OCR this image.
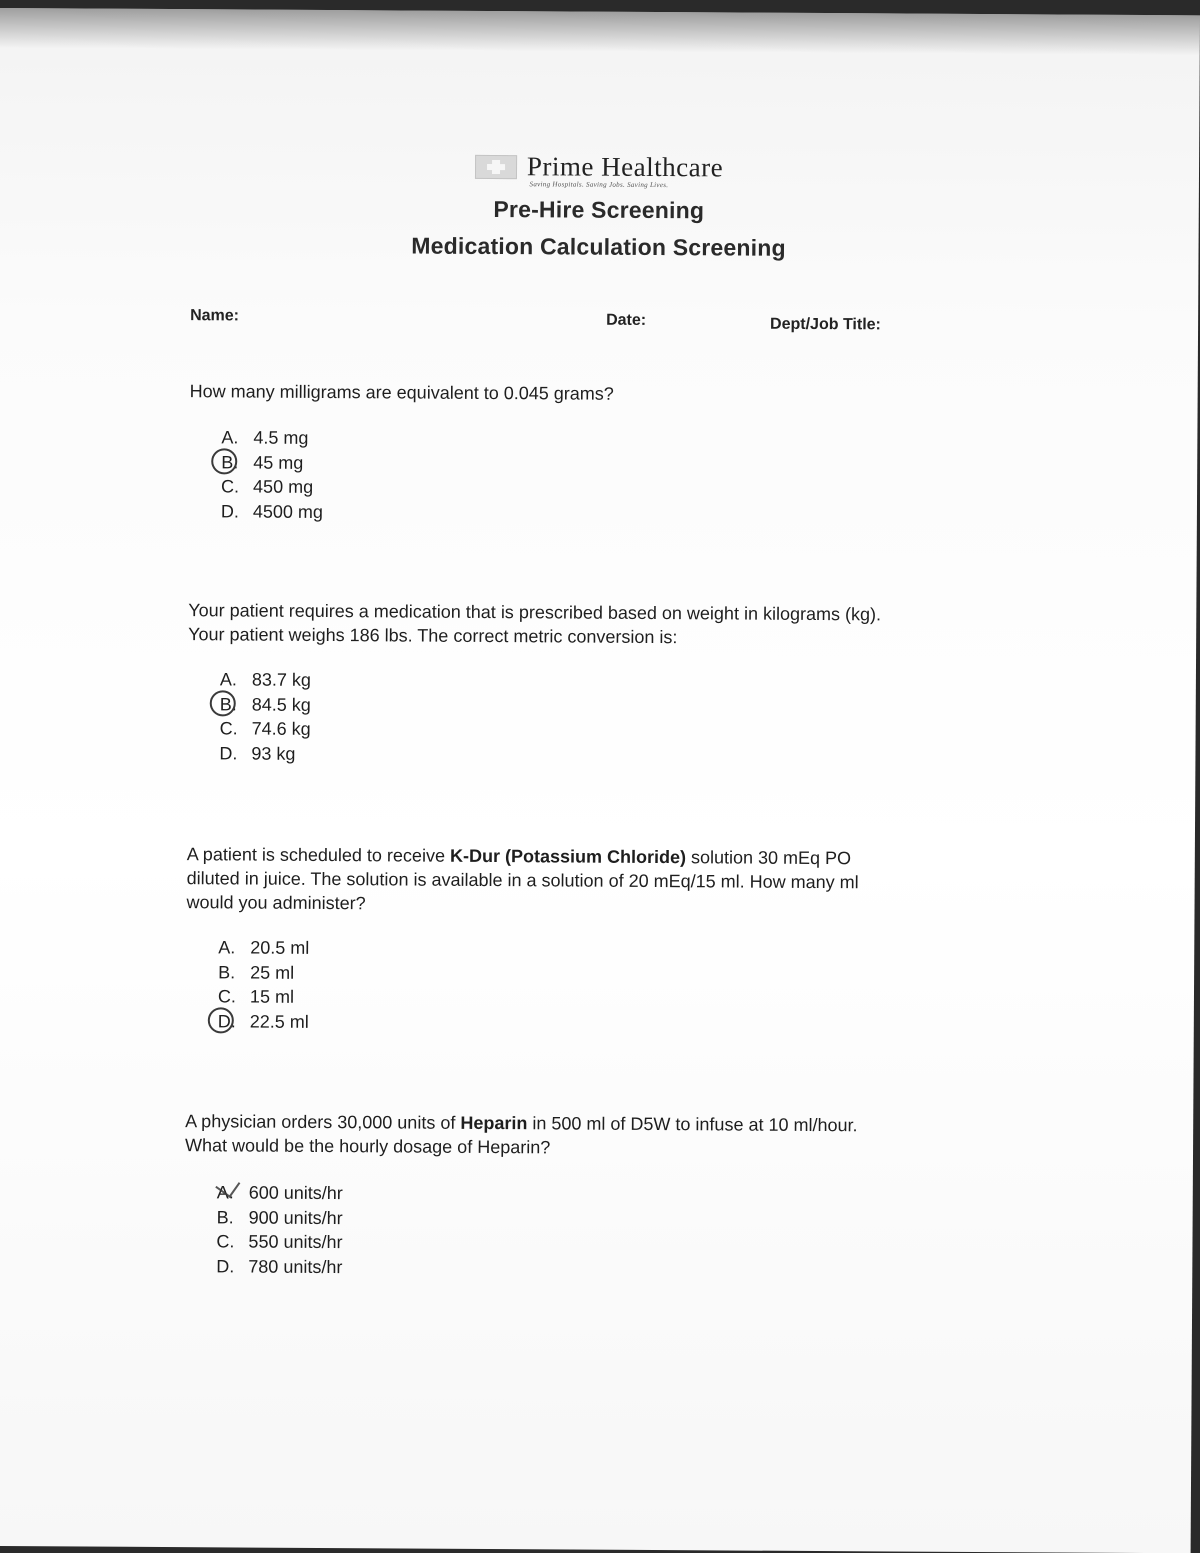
Prime Healthcare
Saving Hospitals. Saving Jobs. Saving Lives.
Pre-Hire Screening
Medication Calculation Screening
Name:	Date:	Dept/Job Title:
How many milligrams are equivalent to 0.045 grams?
A. 4.5 mg
B. 45 mg
C. 450 mg
D. 4500 mg
Your patient requires a medication that is prescribed based on weight in kilograms (kg).
Your patient weighs 186 lbs. The correct metric conversion is:
A. 83.7 kg
B. 84.5 kg
C. 74.6 kg
D. 93 kg
A patient is scheduled to receive K-Dur (Potassium Chloride) solution 30 mEq PO
diluted in juice. The solution is available in a solution of 20 mEq/15 ml. How many ml
would you administer?
A. 20.5 ml
B. 25 ml
C. 15 ml
D. 22.5 ml
A physician orders 30,000 units of Heparin in 500 ml of D5W to infuse at 10 ml/hour.
What would be the hourly dosage of Heparin?
A. 600 units/hr
B. 900 units/hr
C. 550 units/hr
D. 780 units/hr
